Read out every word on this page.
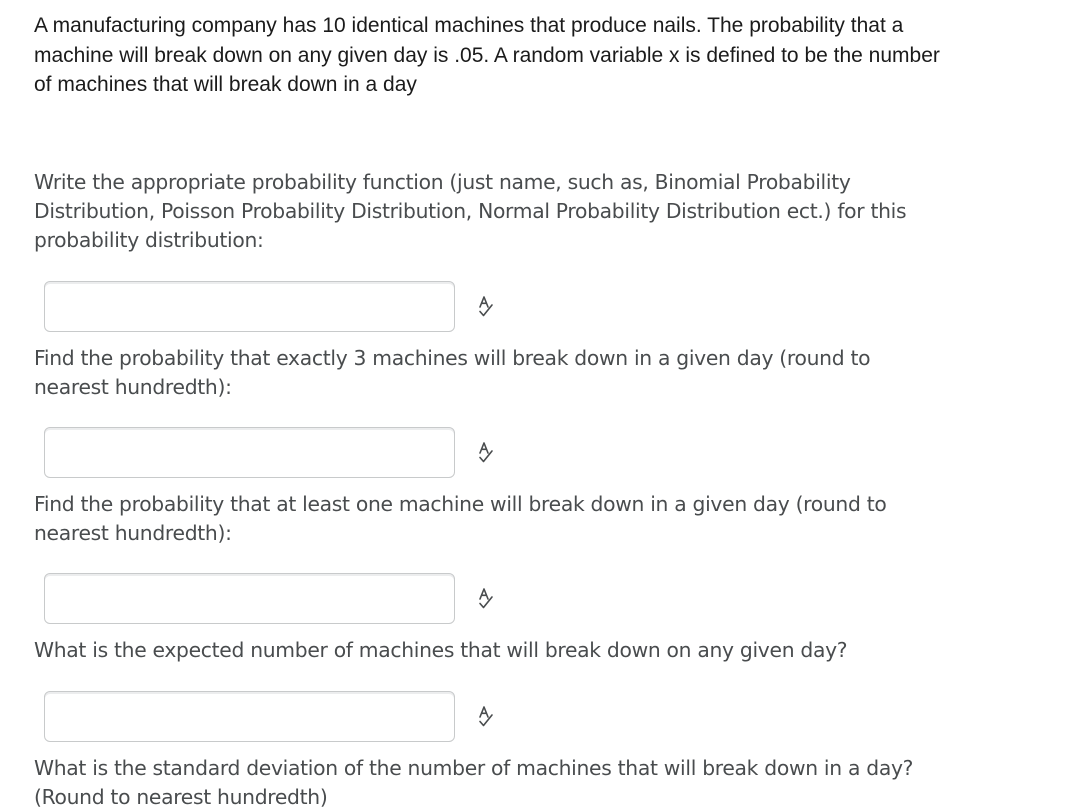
A manufacturing company has 10 identical machines that produce nails. The probability that a machine will break down on any given day is .05. A random variable x is defined to be the number of machines that will break down in a day

Write the appropriate probability function (just name, such as, Binomial Probability Distribution, Poisson Probability Distribution, Normal Probability Distribution ect.) for this probability distribution:

Find the probability that exactly 3 machines will break down in a given day (round to nearest hundredth):

Find the probability that at least one machine will break down in a given day (round to nearest hundredth):

What is the expected number of machines that will break down on any given day?

What is the standard deviation of the number of machines that will break down in a day? (Round to nearest hundredth)
